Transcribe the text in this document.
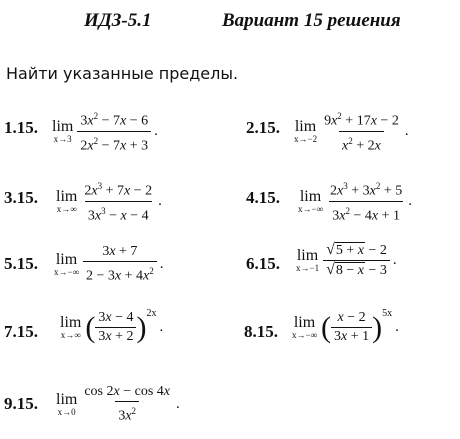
ИДЗ-5.1	Вариант 15 решения
Найти указанные пределы.
1.15. lim
$x\to 3 \frac{3x^2 - 7x - 6}{2x^2 - 7x + 3}$ .	2.15. lim
$x\to-2 \frac{9x^2 + 17x - 2}{x^2 + 2x}$ .
3.15. lim
$x\to\infty \frac{2x^3 + 7x - 2}{3x^3 - x - 4}$ .	4.15. lim
$x\to-\infty \frac{2x^3 + 3x^2 + 5}{3x^2 - 4x + 1}$ .
5.15. lim
$x\to-\infty \frac{3x + 7}{2 - 3x + 4x^2}$ .	6.15. lim
$x\to-1 \frac{√ 5 + x - 2}{√ 8 - x - 3}$ .
7.15. lim
x→∞ ( $\frac{3x - 4}{3x + 2}$ ) 2x
.	8.15. lim
x→−∞ ( $\frac{x - 2}{3x + 1}$ ) 5x
.
9.15. lim
$x\to 0 \frac{\cos 2x - \cos 4x}{3x^2}$ .
